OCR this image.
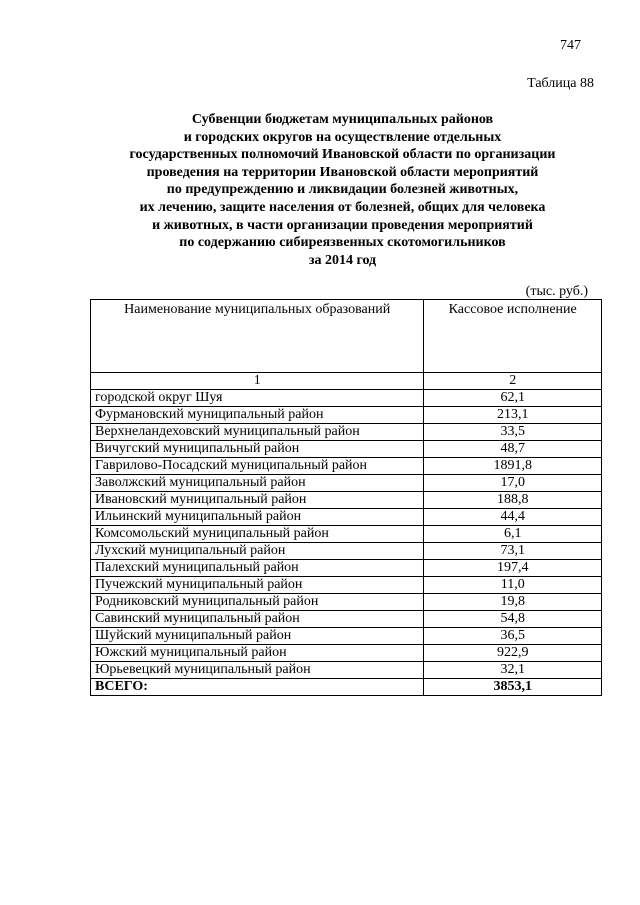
747
Таблица 88
Субвенции бюджетам муниципальных районов
и городских округов на осуществление отдельных
государственных полномочий Ивановской области по организации
проведения на территории Ивановской области мероприятий
по предупреждению и ликвидации болезней животных,
их лечению, защите населения от болезней, общих для человека
и животных, в части организации проведения мероприятий
по содержанию сибиреязвенных скотомогильников
за 2014 год
(тыс. руб.)
Наименование муниципальных образований	Кассовое исполнение
1	2
городской округ Шуя	62,1
Фурмановский муниципальный район	213,1
Верхнеландеховский муниципальный район	33,5
Вичугский муниципальный район	48,7
Гаврилово-Посадский муниципальный район	1891,8
Заволжский муниципальный район	17,0
Ивановский муниципальный район	188,8
Ильинский муниципальный район	44,4
Комсомольский муниципальный район	6,1
Лухский муниципальный район	73,1
Палехский муниципальный район	197,4
Пучежский муниципальный район	11,0
Родниковский муниципальный район	19,8
Савинский муниципальный район	54,8
Шуйский муниципальный район	36,5
Южский муниципальный район	922,9
Юрьевецкий муниципальный район	32,1
ВСЕГО:	3853,1
